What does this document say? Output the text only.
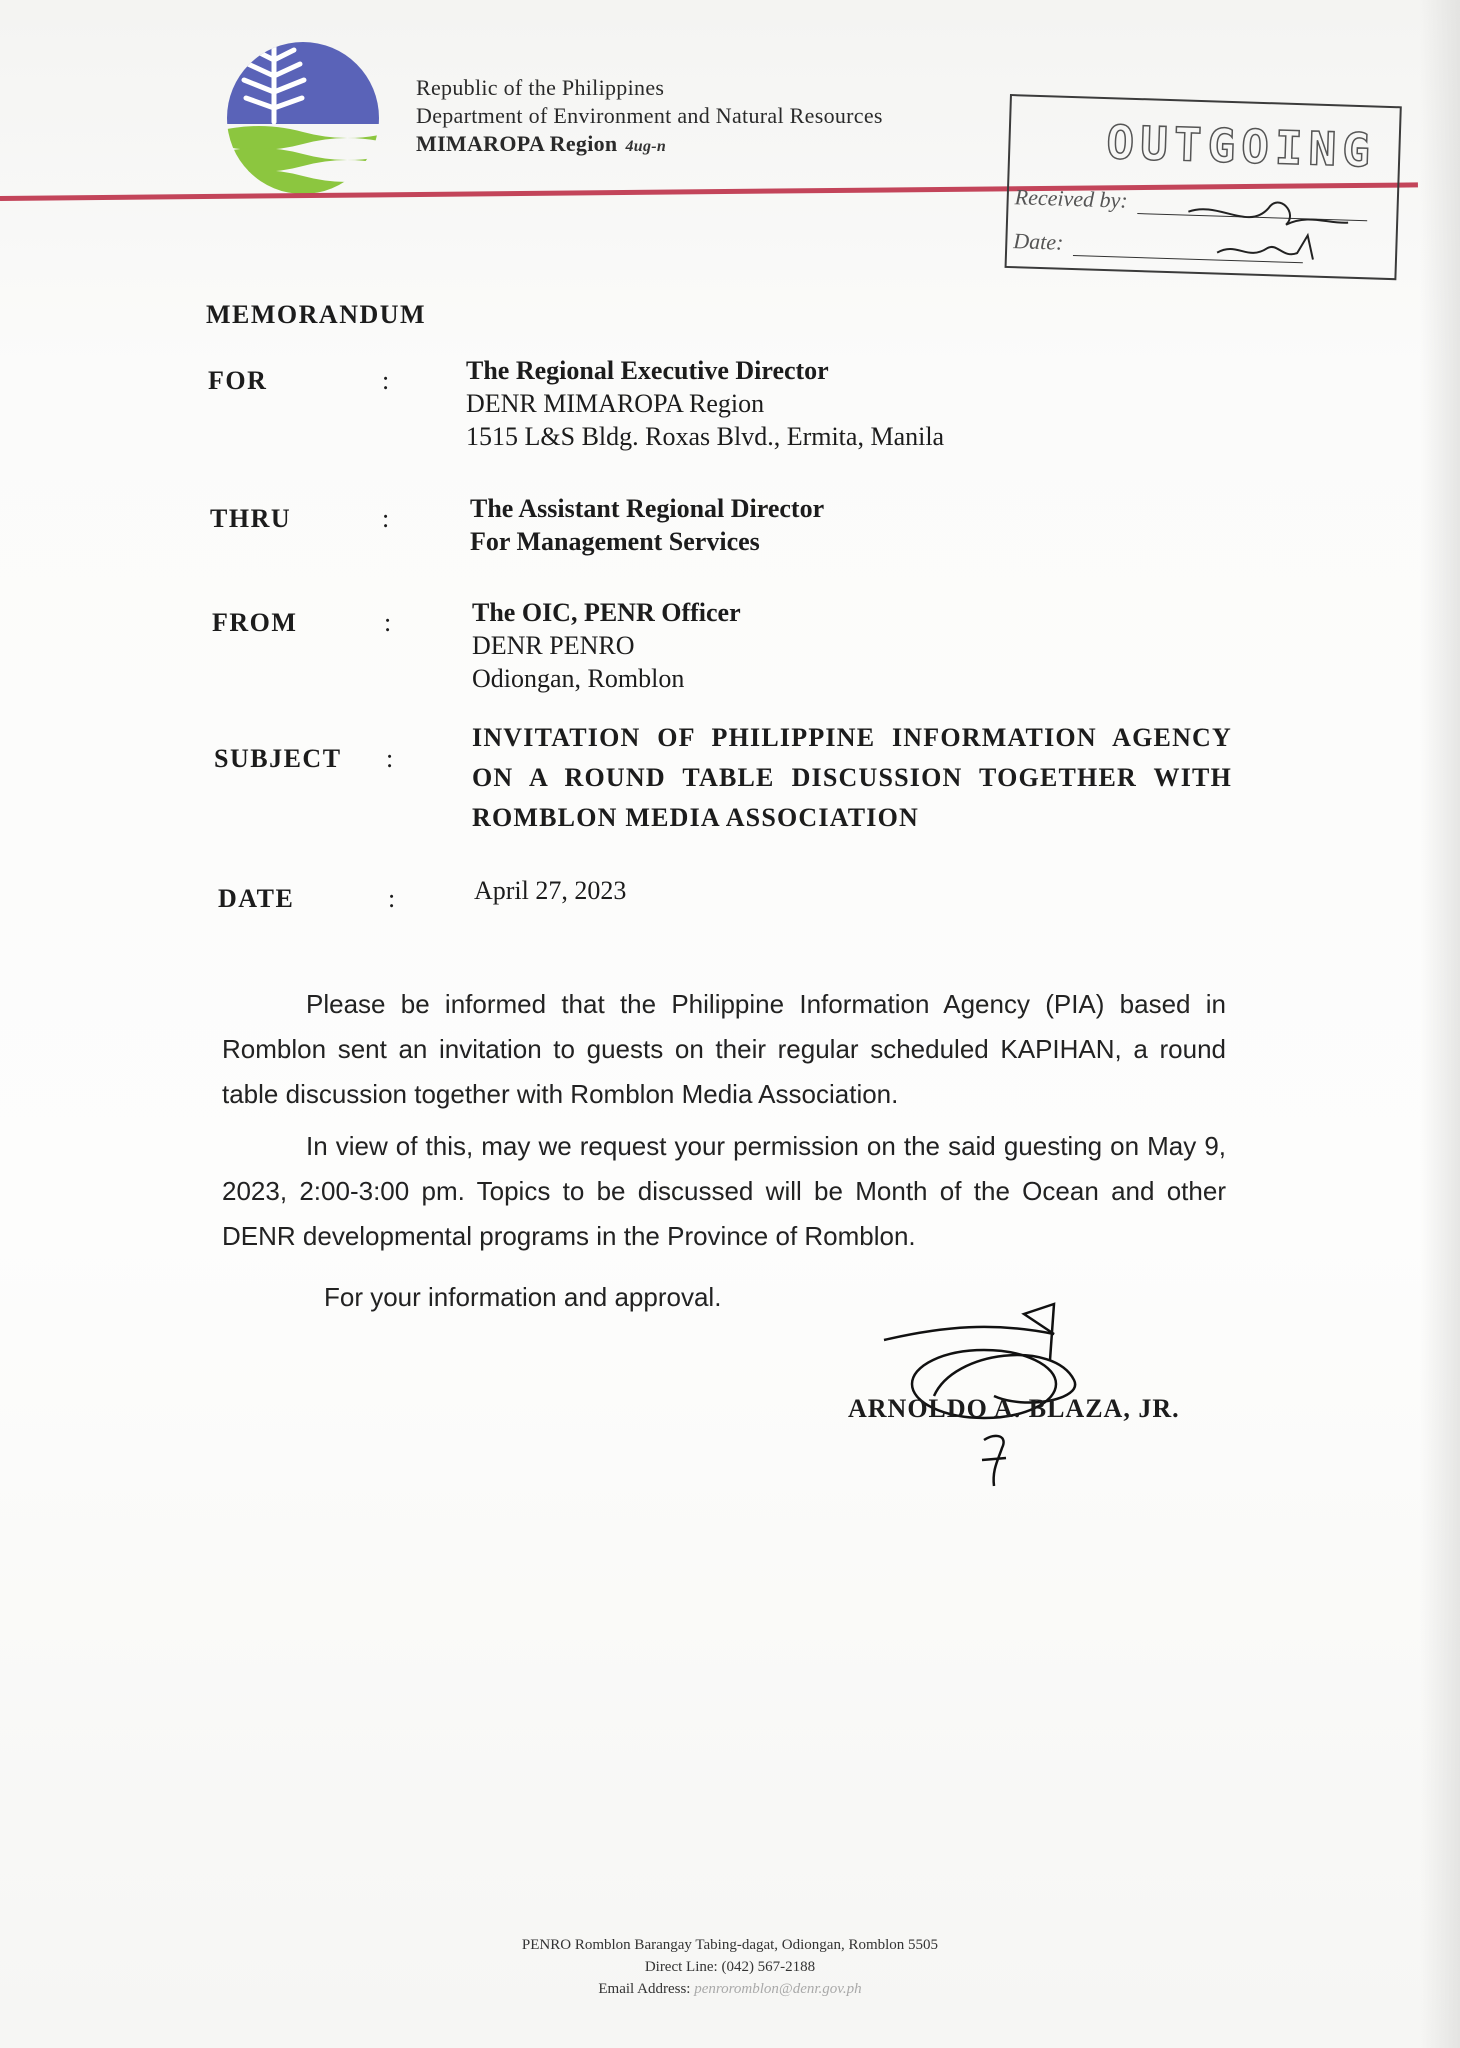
Republic of the Philippines
Department of Environment and Natural Resources
MIMAROPA Region 4ug-n	OUTGOING
Received by:
Date:
MEMORANDUM
FOR	:	The Regional Executive Director
DENR MIMAROPA Region
1515 L&S Bldg. Roxas Blvd., Ermita, Manila
THRU	:	The Assistant Regional Director
For Management Services
FROM	:	The OIC, PENR Officer
DENR PENRO
Odiongan, Romblon
SUBJECT :
INVITATION OF PHILIPPINE INFORMATION AGENCY ON A ROUND TABLE DISCUSSION TOGETHER WITH ROMBLON MEDIA ASSOCIATION
DATE	:	April 27, 2023
Please be informed that the Philippine Information Agency (PIA) based in Romblon sent an invitation to guests on their regular scheduled KAPIHAN, a round table discussion together with Romblon Media Association.
In view of this, may we request your permission on the said guesting on May 9, 2023, 2:00-3:00 pm. Topics to be discussed will be Month of the Ocean and other DENR developmental programs in the Province of Romblon.
For your information and approval.
ARNOLDO A. BLAZA, JR.
PENRO Romblon Barangay Tabing-dagat, Odiongan, Romblon 5505
Direct Line: (042) 567-2188
Email Address: penroromblon@denr.gov.ph
